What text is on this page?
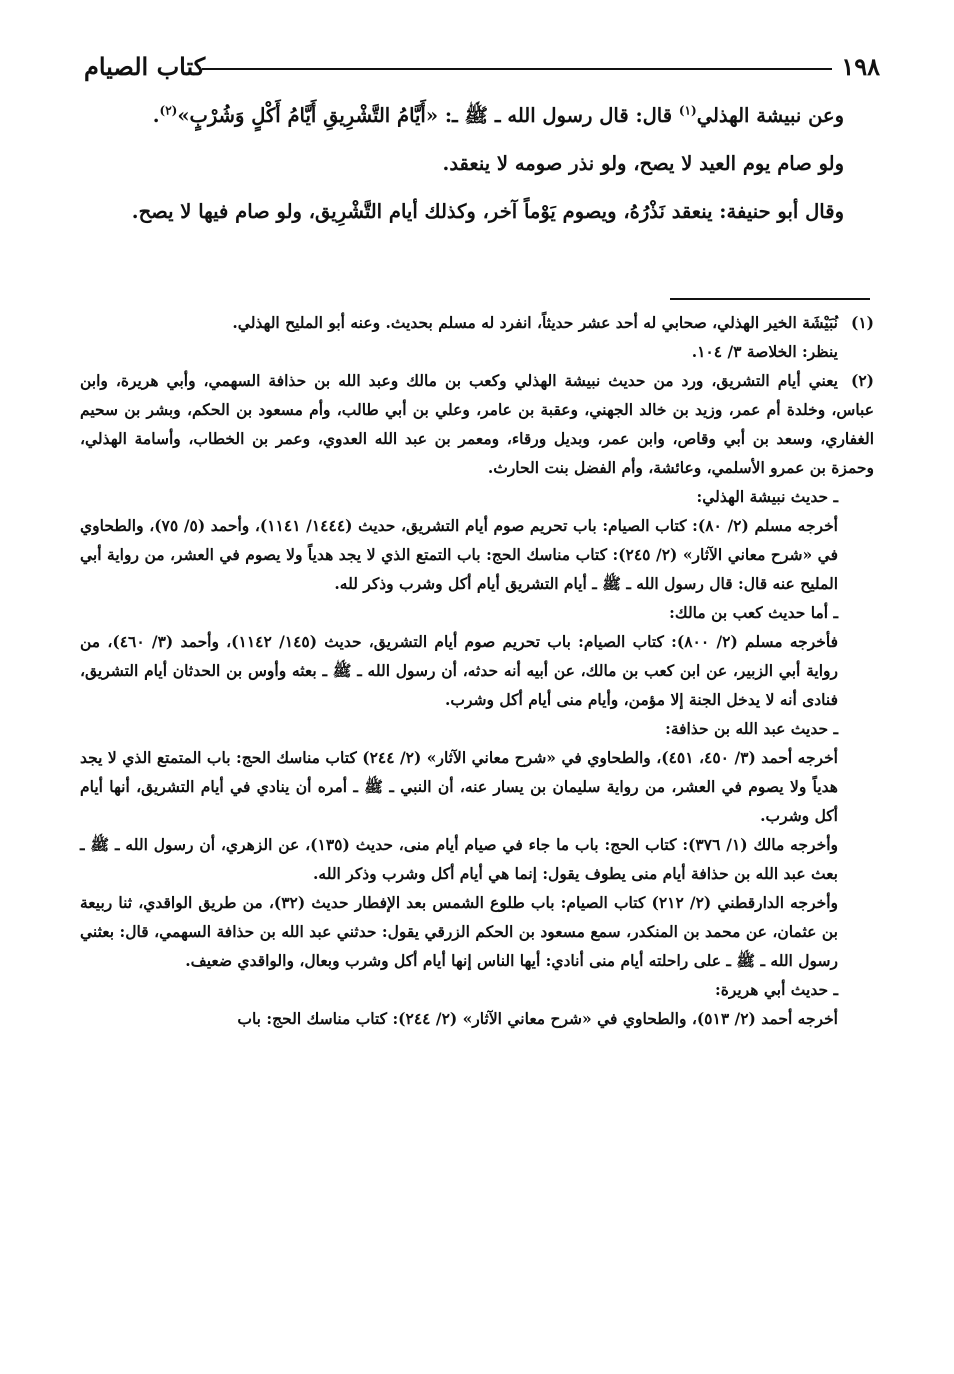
١٩٨
كتاب الصيام

وعن نبيشة الهذلي$^{(١)}$ قال: قال رسول الله ـ ﷺ ـ: «أَيَّامُ التَّشْرِيقِ أَيَّامُ أَكْلٍ وَشُرْبٍ»$^{(٢)}$.

ولو صام يوم العيد لا يصح، ولو نذر صومه لا ينعقد.

وقال أبو حنيفة: ينعقد نَذْرُهُ، ويصوم يَوْماً آخر، وكذلك أيام التَّشْرِيق، ولو صام فيها لا يصح.

(١)نُبَيْشَة الخير الهذلي، صحابي له أحد عشر حديثاً، انفرد له مسلم بحديث. وعنه أبو المليح الهذلي.

ينظر: الخلاصة ٣/ ١٠٤.

(٢)يعني أيام التشريق، ورد من حديث نبيشة الهذلي وكعب بن مالك وعبد الله بن حذافة السهمي، وأبي هريرة، وابن عباس، وخلدة أم عمر، وزيد بن خالد الجهني، وعقبة بن عامر، وعلي بن أبي طالب، وأم مسعود بن الحكم، وبشر بن سحيم الغفاري، وسعد بن أبي وقاص، وابن عمر، وبديل ورقاء، ومعمر بن عبد الله العدوي، وعمر بن الخطاب، وأسامة الهذلي، وحمزة بن عمرو الأسلمي، وعائشة، وأم الفضل بنت الحارث.

ـ حديث نبيشة الهذلي:

أخرجه مسلم (٢/ ٨٠): كتاب الصيام: باب تحريم صوم أيام التشريق، حديث (١٤٤٤/ ١١٤١)، وأحمد (٥/ ٧٥)، والطحاوي في «شرح معاني الآثار» (٢/ ٢٤٥): كتاب مناسك الحج: باب التمتع الذي لا يجد هدياً ولا يصوم في العشر، من رواية أبي المليح عنه قال: قال رسول الله ـ ﷺ ـ أيام التشريق أيام أكل وشرب وذكر لله.

ـ أما حديث كعب بن مالك:

فأخرجه مسلم (٢/ ٨٠٠): كتاب الصيام: باب تحريم صوم أيام التشريق، حديث (١٤٥/ ١١٤٢)، وأحمد (٣/ ٤٦٠)، من رواية أبي الزبير، عن ابن كعب بن مالك، عن أبيه أنه حدثه، أن رسول الله ـ ﷺ ـ بعثه وأوس بن الحدثان أيام التشريق، فنادى أنه لا يدخل الجنة إلا مؤمن، وأيام منى أيام أكل وشرب.

ـ حديث عبد الله بن حذافة:

أخرجه أحمد (٣/ ٤٥٠، ٤٥١)، والطحاوي في «شرح معاني الآثار» (٢/ ٢٤٤) كتاب مناسك الحج: باب المتمتع الذي لا يجد هدياً ولا يصوم في العشر، من رواية سليمان بن يسار عنه، أن النبي ـ ﷺ ـ أمره أن ينادي في أيام التشريق، أنها أيام أكل وشرب.

وأخرجه مالك (١/ ٣٧٦): كتاب الحج: باب ما جاء في صيام أيام منى، حديث (١٣٥)، عن الزهري، أن رسول الله ـ ﷺ ـ بعث عبد الله بن حذافة أيام منى يطوف يقول: إنما هي أيام أكل وشرب وذكر الله.

وأخرجه الدارقطني (٢/ ٢١٢) كتاب الصيام: باب طلوع الشمس بعد الإفطار حديث (٣٢)، من طريق الواقدي، ثنا ربيعة بن عثمان، عن محمد بن المنكدر، سمع مسعود بن الحكم الزرقي يقول: حدثني عبد الله بن حذافة السهمي، قال: بعثني رسول الله ـ ﷺ ـ على راحلته أيام منى أنادي: أيها الناس إنها أيام أكل وشرب وبعال، والواقدي ضعيف.

ـ حديث أبي هريرة:

أخرجه أحمد (٢/ ٥١٣)، والطحاوي في «شرح معاني الآثار» (٢/ ٢٤٤): كتاب مناسك الحج: باب
